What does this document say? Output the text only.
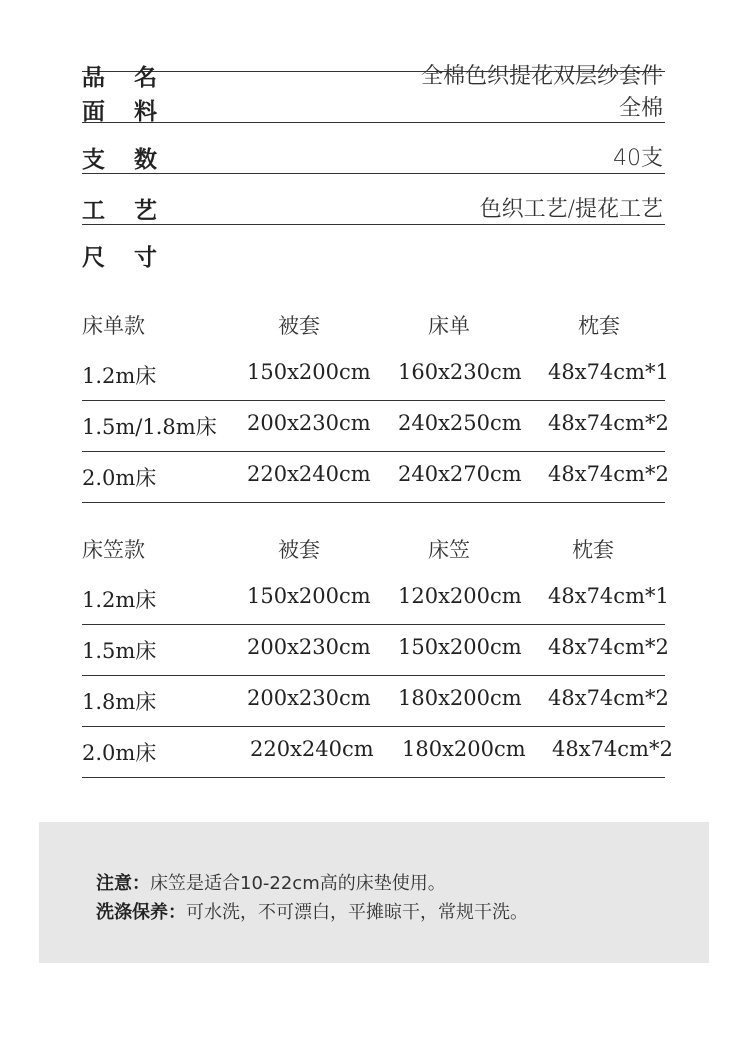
品 名	全棉色织提花双层纱套件
面 料	全棉
支 数	40支
工 艺	色织工艺/提花工艺
尺 寸
床单款	被套	床单	枕套
1.2m床	150x200cm 160x230cm 48x74cm*1
1.5m/1.8m床 200x230cm 240x250cm 48x74cm*2
2.0m床	220x240cm 240x270cm 48x74cm*2
床笠款	被套	床笠	枕套
1.2m床	150x200cm 120x200cm 48x74cm*1
1.5m床	200x230cm 150x200cm 48x74cm*2
1.8m床	200x230cm 180x200cm 48x74cm*2
2.0m床	220x240cm 180x200cm 48x74cm*2
注意：床笠是适合10-22cm高的床垫使用。
洗涤保养：可水洗，不可漂白，平摊晾干，常规干洗。
